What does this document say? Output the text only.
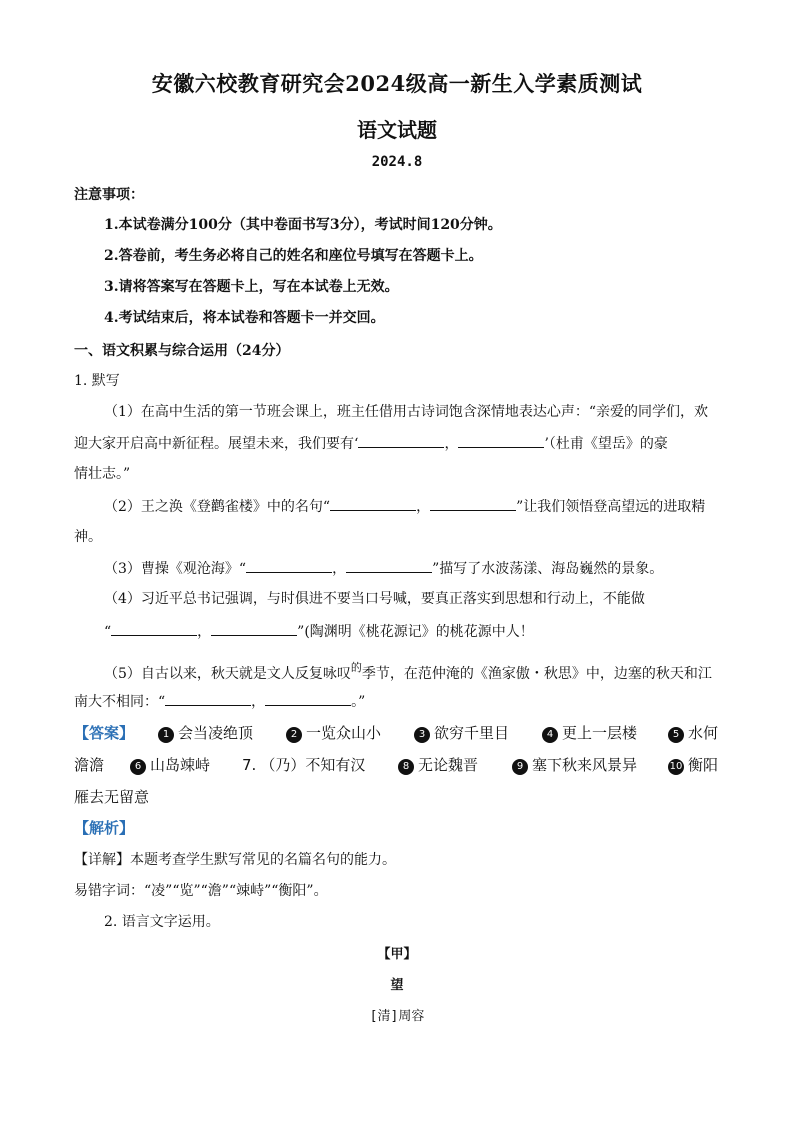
安徽六校教育研究会2024级高一新生入学素质测试
语文试题
2024.8
注意事项：
1.本试卷满分100分（其中卷面书写3分），考试时间120分钟。
2.答卷前，考生务必将自己的姓名和座位号填写在答题卡上。
3.请将答案写在答题卡上，写在本试卷上无效。
4.考试结束后，将本试卷和答题卡一并交回。
一、语文积累与综合运用（24分）
1. 默写
（1）在高中生活的第一节班会课上，班主任借用古诗词饱含深情地表达心声：“亲爱的同学们，欢
迎大家开启高中新征程。展望未来，我们要有‘	，	’（杜甫《望岳》的豪
情壮志。”
（2）王之涣《登鹳雀楼》中的名句“	，	”让我们领悟登高望远的进取精
神。
（3）曹操《观沧海》“	，	”描写了水波荡漾、海岛巍然的景象。
（4）习近平总书记强调，与时俱进不要当口号喊，要真正落实到思想和行动上，不能做
“	，	”(陶渊明《桃花源记》的桃花源中人！
（5）自古以来，秋天就是文人反复咏叹$^的$季节，在范仲淹的《渔家傲・秋思》中，边塞的秋天和江
南大不相同：“	，	。”
【答案】	1 会当凌绝顶	2 一览众山小	3 欲穷千里目	4 更上一层楼	5 水何
澹澹	6 山岛竦峙 7. （乃）不知有汉	8 无论魏晋	9 塞下秋来风景异	10 衡阳
雁去无留意
【解析】
【详解】本题考查学生默写常见的名篇名句的能力。
易错字词：“凌”“览”“澹”“竦峙”“衡阳”。
2. 语言文字运用。
【甲】
望
[清]周容
